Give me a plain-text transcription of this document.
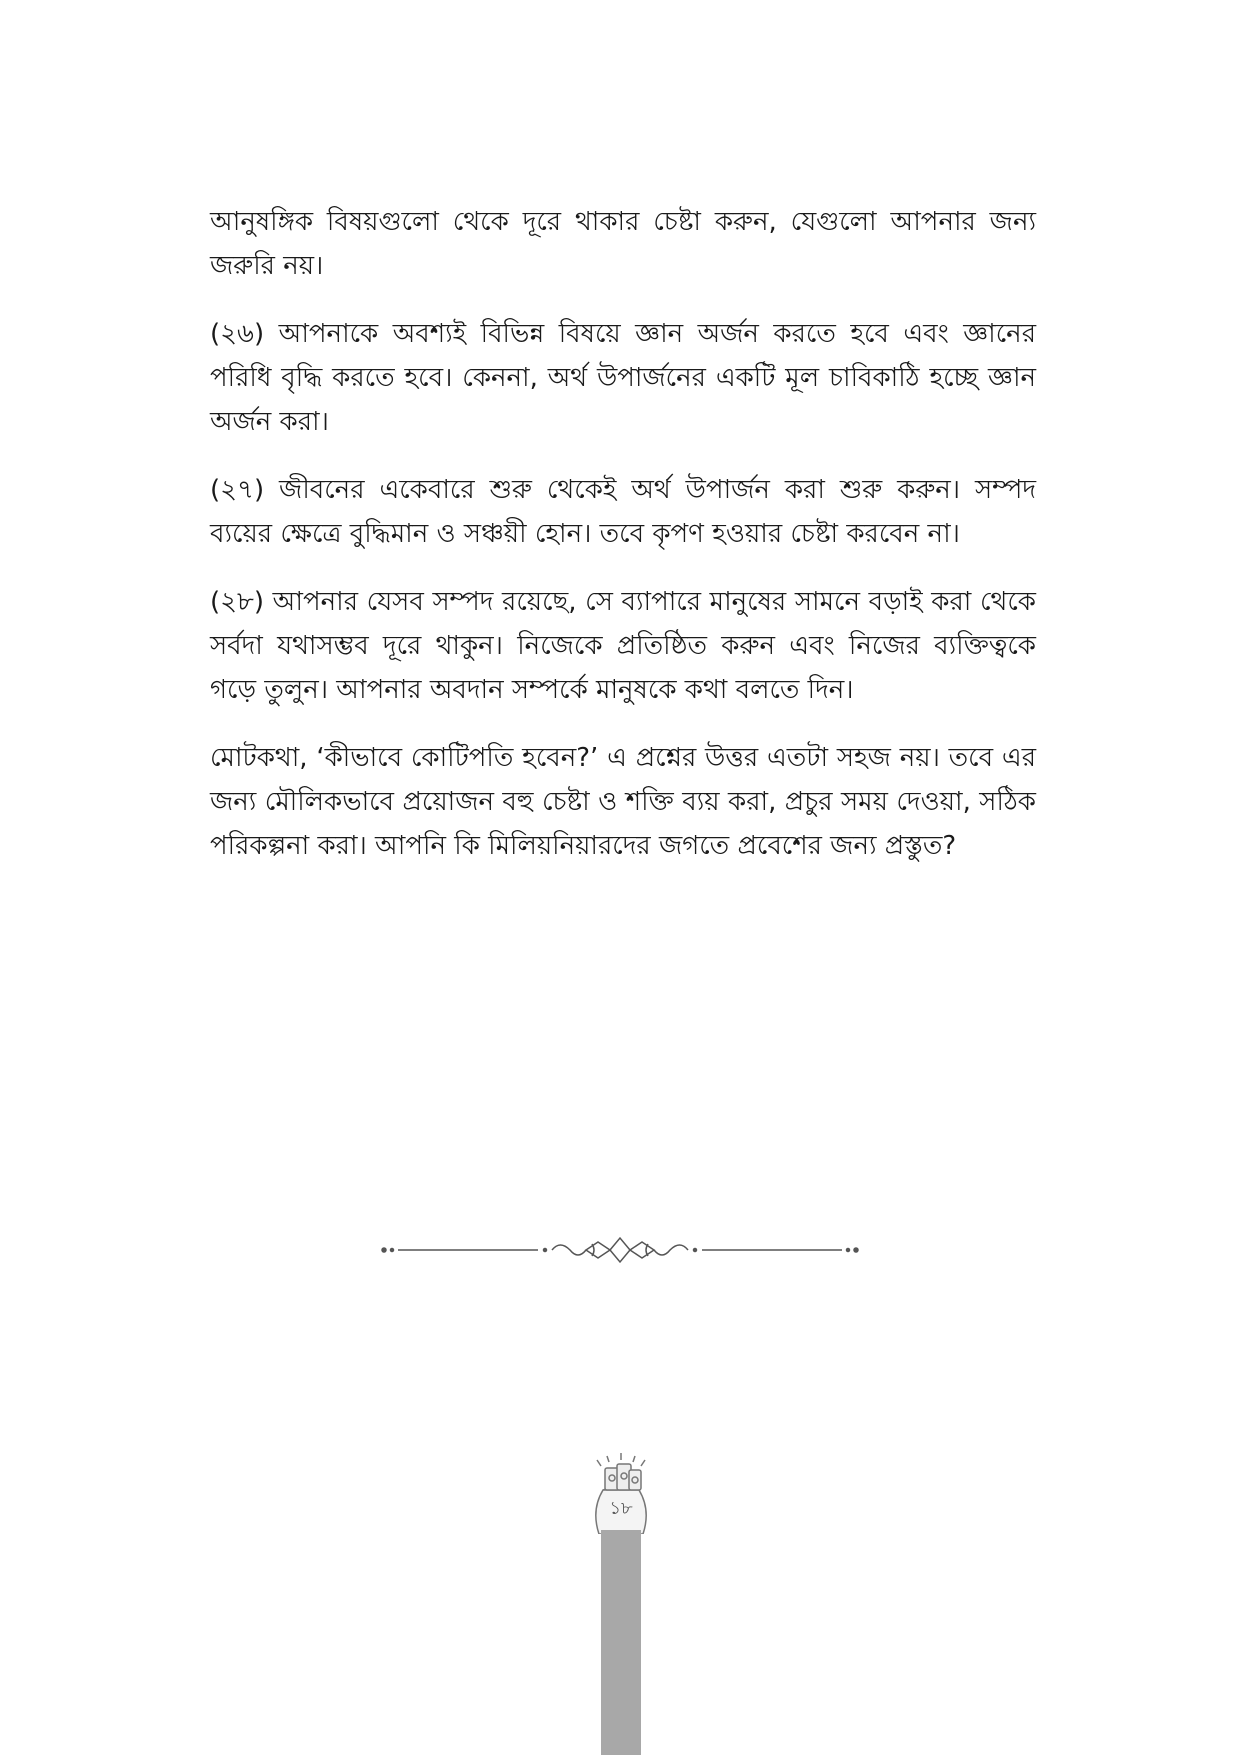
আনুষঙ্গিক বিষয়গুলো থেকে দূরে থাকার চেষ্টা করুন, যেগুলো আপনার জন্য জরুরি নয়।

(২৬) আপনাকে অবশ্যই বিভিন্ন বিষয়ে জ্ঞান অর্জন করতে হবে এবং জ্ঞানের পরিধি বৃদ্ধি করতে হবে। কেননা, অর্থ উপার্জনের একটি মূল চাবিকাঠি হচ্ছে জ্ঞান অর্জন করা।

(২৭) জীবনের একেবারে শুরু থেকেই অর্থ উপার্জন করা শুরু করুন। সম্পদ ব্যয়ের ক্ষেত্রে বুদ্ধিমান ও সঞ্চয়ী হোন। তবে কৃপণ হওয়ার চেষ্টা করবেন না।

(২৮) আপনার যেসব সম্পদ রয়েছে, সে ব্যাপারে মানুষের সামনে বড়াই করা থেকে সর্বদা যথাসম্ভব দূরে থাকুন। নিজেকে প্রতিষ্ঠিত করুন এবং নিজের ব্যক্তিত্বকে গড়ে তুলুন। আপনার অবদান সম্পর্কে মানুষকে কথা বলতে দিন।

মোটকথা, ‘কীভাবে কোটিপতি হবেন?’ এ প্রশ্নের উত্তর এতটা সহজ নয়। তবে এর জন্য মৌলিকভাবে প্রয়োজন বহু চেষ্টা ও শক্তি ব্যয় করা, প্রচুর সময় দেওয়া, সঠিক পরিকল্পনা করা। আপনি কি মিলিয়নিয়ারদের জগতে প্রবেশের জন্য প্রস্তুত?

১৮
